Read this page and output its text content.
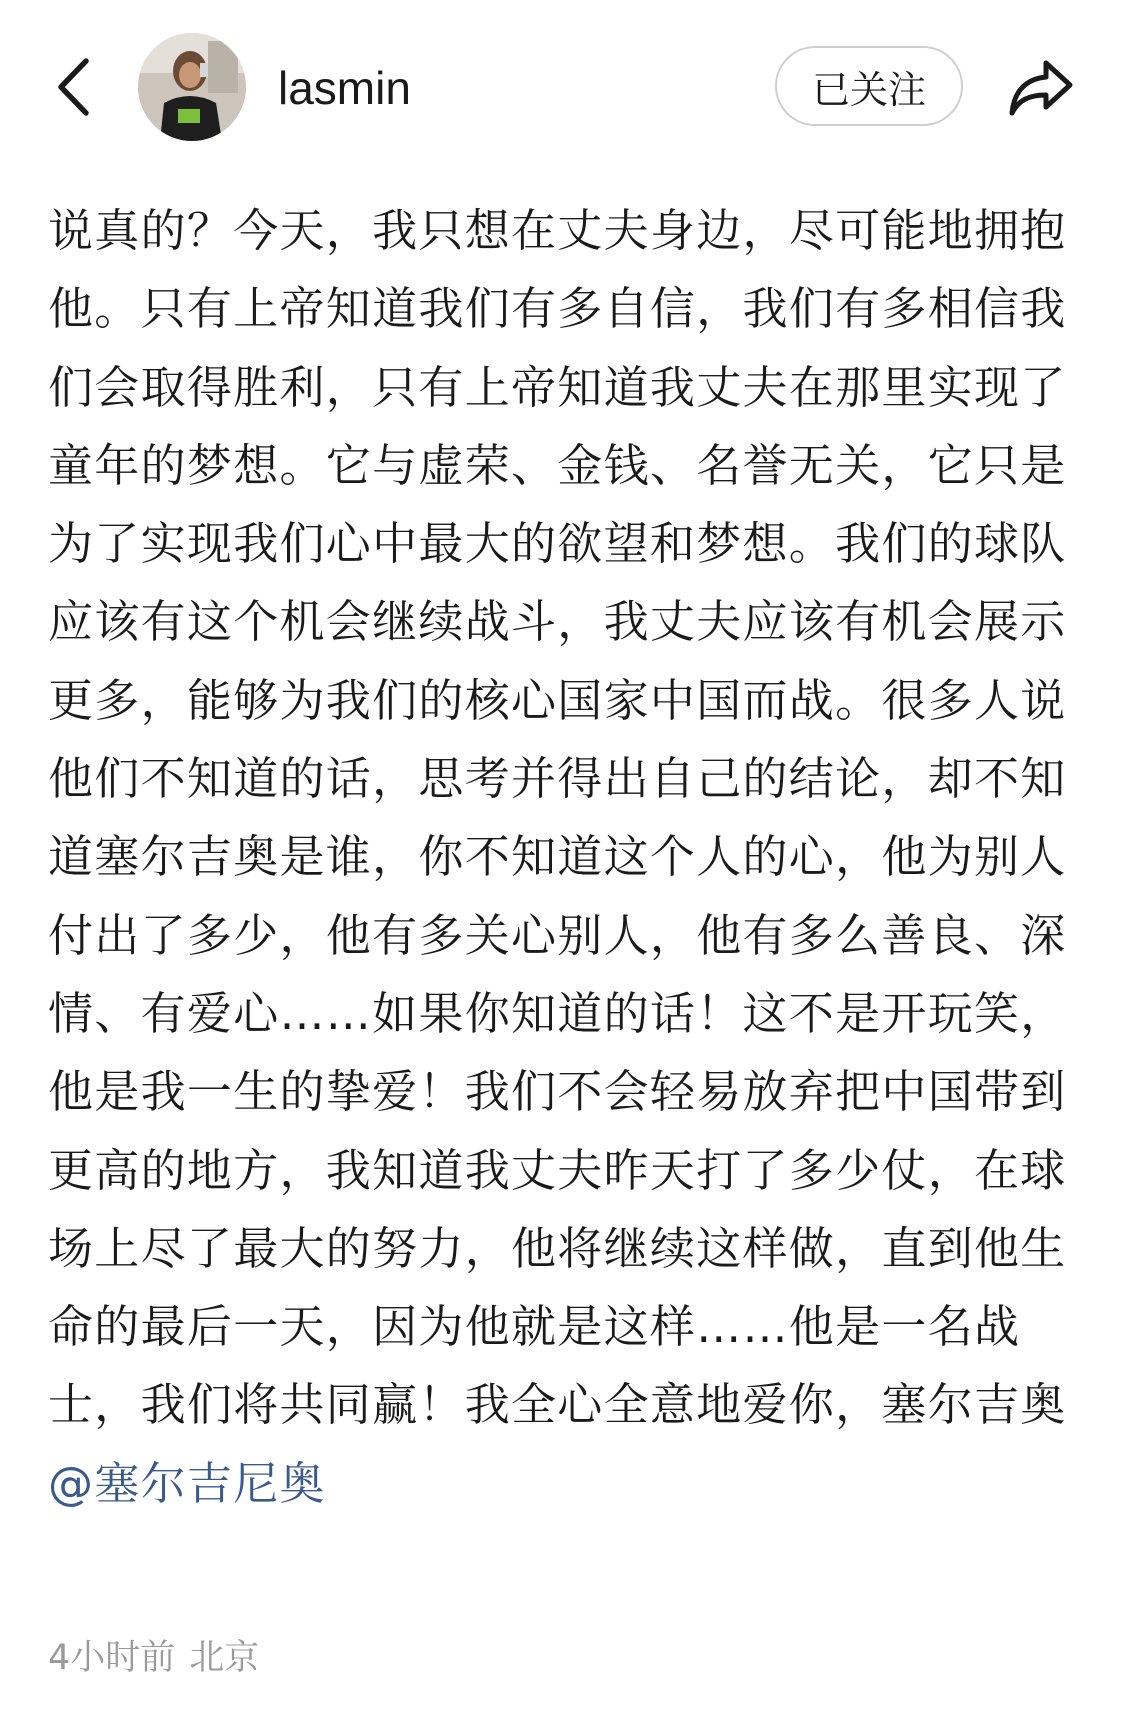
lasmin	已关注

说真的？今天，我只想在丈夫身边，尽可能地拥抱他。只有上帝知道我们有多自信，我们有多相信我们会取得胜利，只有上帝知道我丈夫在那里实现了童年的梦想。它与虚荣、金钱、名誉无关，它只是为了实现我们心中最大的欲望和梦想。我们的球队应该有这个机会继续战斗，我丈夫应该有机会展示更多，能够为我们的核心国家中国而战。很多人说他们不知道的话，思考并得出自己的结论，却不知道塞尔吉奥是谁，你不知道这个人的心，他为别人付出了多少，他有多关心别人，他有多么善良、深情、有爱心……如果你知道的话！这不是开玩笑，他是我一生的挚爱！我们不会轻易放弃把中国带到更高的地方，我知道我丈夫昨天打了多少仗，在球场上尽了最大的努力，他将继续这样做，直到他生命的最后一天，因为他就是这样……他是一名战士，我们将共同赢！我全心全意地爱你，塞尔吉奥@塞尔吉尼奥

4小时前 北京
